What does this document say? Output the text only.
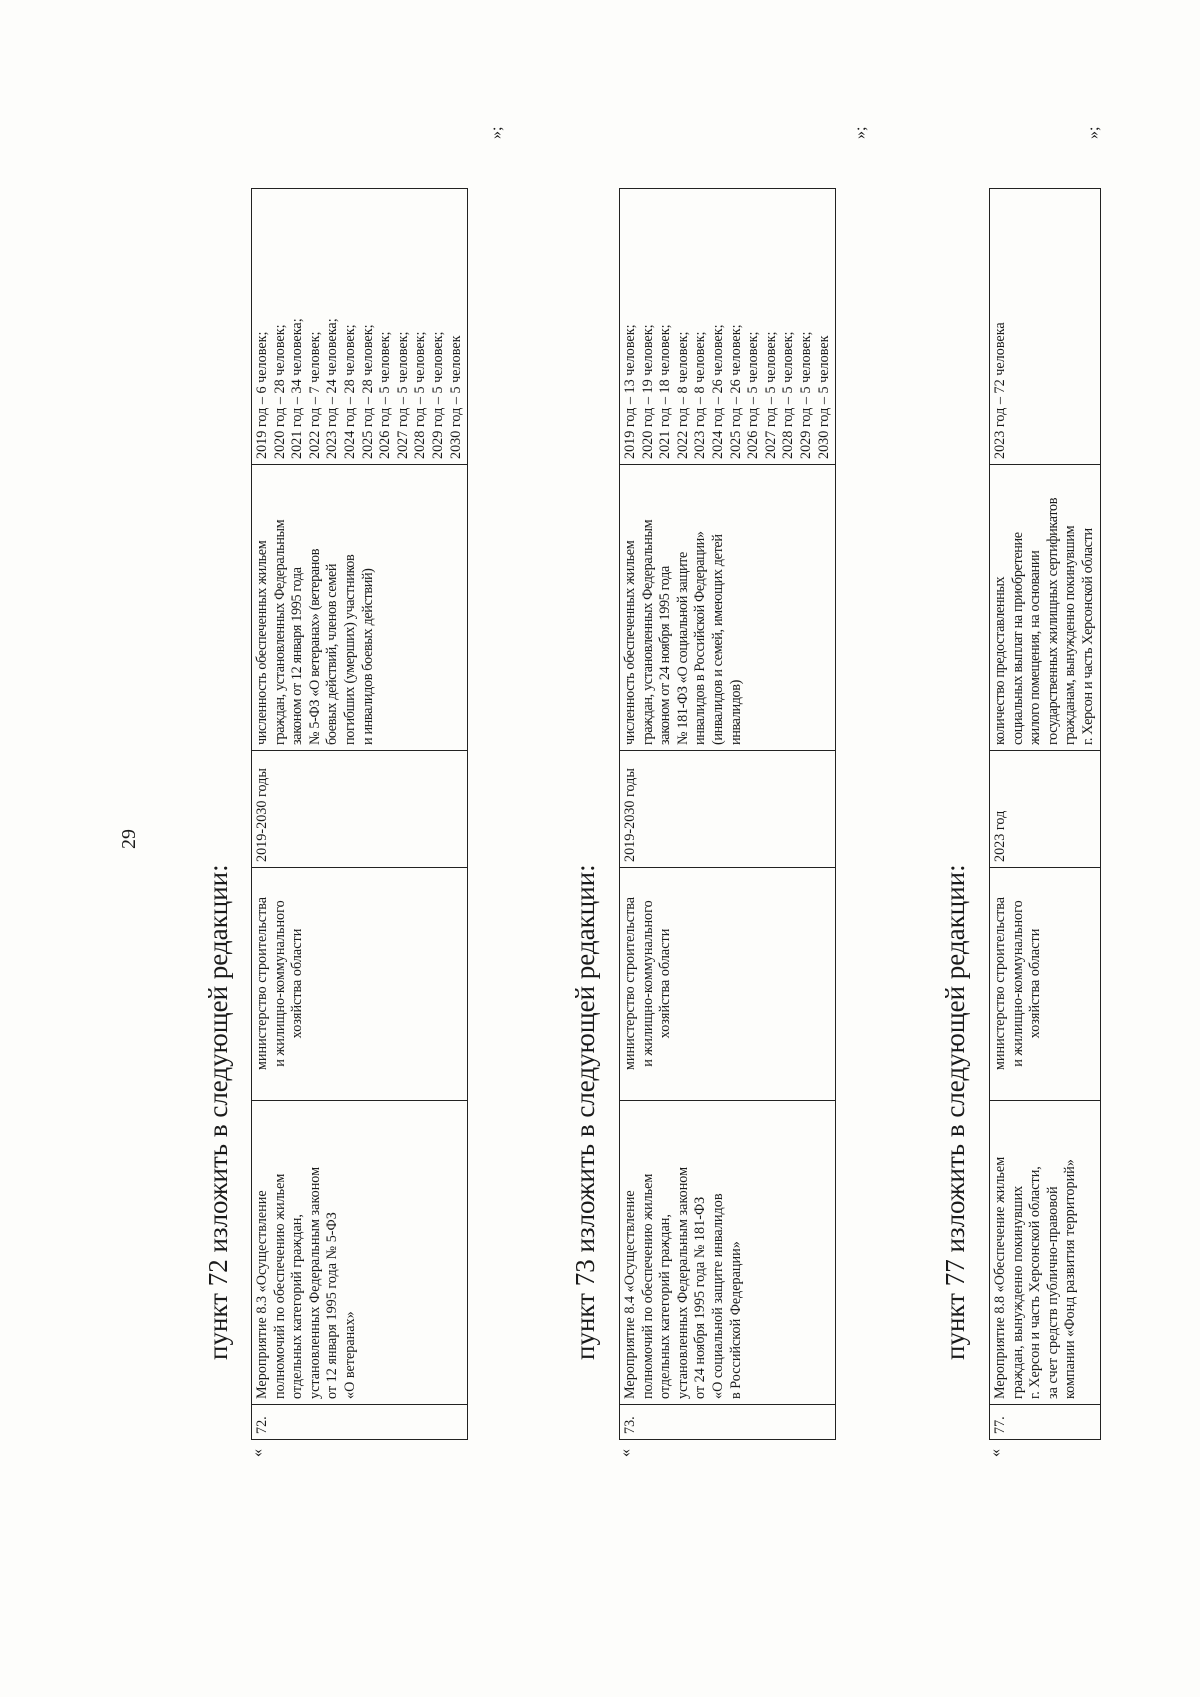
29
пункт 72 изложить в следующей редакции:
«
72.	Мероприятие 8.3 «Осуществление
полномочий по обеспечению жильем
отдельных категорий граждан,
установленных Федеральным законом
от 12 января 1995 года № 5-ФЗ
«О ветеранах»	министерство строительства
и жилищно-коммунального
хозяйства области	2019-2030 годы	численность обеспеченных жильем
граждан, установленных Федеральным
законом от 12 января 1995 года
№ 5-ФЗ «О ветеранах» (ветеранов
боевых действий, членов семей
погибших (умерших) участников
и инвалидов боевых действий)	2019 год – 6 человек;
2020 год – 28 человек;
2021 год – 34 человека;
2022 год – 7 человек;
2023 год – 24 человека;
2024 год – 28 человек;
2025 год – 28 человек;
2026 год – 5 человек;
2027 год – 5 человек;
2028 год – 5 человек;
2029 год – 5 человек;
2030 год – 5 человек
»;
пункт 73 изложить в следующей редакции:
«
73.	Мероприятие 8.4 «Осуществление
полномочий по обеспечению жильем
отдельных категорий граждан,
установленных Федеральным законом
от 24 ноября 1995 года № 181-ФЗ
«О социальной защите инвалидов
в Российской Федерации»	министерство строительства
и жилищно-коммунального
хозяйства области	2019-2030 годы	численность обеспеченных жильем
граждан, установленных Федеральным
законом от 24 ноября 1995 года
№ 181-ФЗ «О социальной защите
инвалидов в Российской Федерации»
(инвалидов и семей, имеющих детей
инвалидов)	2019 год – 13 человек;
2020 год – 19 человек;
2021 год – 18 человек;
2022 год – 8 человек;
2023 год – 8 человек;
2024 год – 26 человек;
2025 год – 26 человек;
2026 год – 5 человек;
2027 год – 5 человек;
2028 год – 5 человек;
2029 год – 5 человек;
2030 год – 5 человек
»;
пункт 77 изложить в следующей редакции:
«
77.	Мероприятие 8.8 «Обеспечение жильем
граждан, вынужденно покинувших
г. Херсон и часть Херсонской области,
за счет средств публично-правовой
компании «Фонд развития территорий»	министерство строительства
и жилищно-коммунального
хозяйства области	2023 год	количество предоставленных
социальных выплат на приобретение
жилого помещения, на основании
государственных жилищных сертификатов
гражданам, вынужденно покинувшим
г. Херсон и часть Херсонской области	2023 год – 72 человека
»;
